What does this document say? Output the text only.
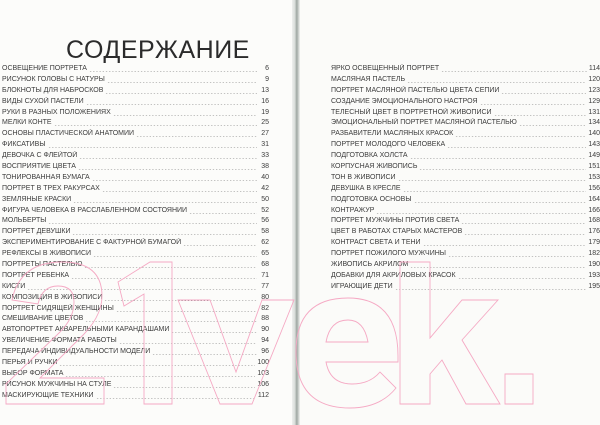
СОДЕРЖАНИЕ
ОСВЕЩЕНИЕ ПОРТРЕТА	6
РИСУНОК ГОЛОВЫ С НАТУРЫ	9
БЛОКНОТЫ ДЛЯ НАБРОСКОВ	13
ВИДЫ СУХОЙ ПАСТЕЛИ	16
РУКИ В РАЗНЫХ ПОЛОЖЕНИЯХ	19
МЕЛКИ КОНТЕ	25
ОСНОВЫ ПЛАСТИЧЕСКОЙ АНАТОМИИ	27
ФИКСАТИВЫ	31
ДЕВОЧКА С ФЛЕЙТОЙ	33
ВОСПРИЯТИЕ ЦВЕТА	38
ТОНИРОВАННАЯ БУМАГА	40
ПОРТРЕТ В ТРЕХ РАКУРСАХ	42
ЗЕМЛЯНЫЕ КРАСКИ	50
ФИГУРА ЧЕЛОВЕКА В РАССЛАБЛЕННОМ СОСТОЯНИИ	52
МОЛЬБЕРТЫ	56
ПОРТРЕТ ДЕВУШКИ	58
ЭКСПЕРИМЕНТИРОВАНИЕ С ФАКТУРНОЙ БУМАГОЙ	62
РЕФЛЕКСЫ В ЖИВОПИСИ	65
ПОРТРЕТЫ ПАСТЕЛЬЮ	68
ПОРТРЕТ РЕБЕНКА	71
КИСТИ	77
КОМПОЗИЦИЯ В ЖИВОПИСИ	80
ПОРТРЕТ СИДЯЩЕЙ ЖЕНЩИНЫ	82
СМЕШИВАНИЕ ЦВЕТОВ	88
АВТОПОРТРЕТ АКВАРЕЛЬНЫМИ КАРАНДАШАМИ	90
УВЕЛИЧЕНИЕ ФОРМАТА РАБОТЫ	94
ПЕРЕДАЧА ИНДИВИДУАЛЬНОСТИ МОДЕЛИ	96
ПЕРЬЯ И РУЧКИ	100
ВЫБОР ФОРМАТА	103
РИСУНОК МУЖЧИНЫ НА СТУЛЕ	106
МАСКИРУЮЩИЕ ТЕХНИКИ	112
ЯРКО ОСВЕЩЕННЫЙ ПОРТРЕТ	114
МАСЛЯНАЯ ПАСТЕЛЬ	120
ПОРТРЕТ МАСЛЯНОЙ ПАСТЕЛЬЮ ЦВЕТА СЕПИИ	123
СОЗДАНИЕ ЭМОЦИОНАЛЬНОГО НАСТРОЯ	129
ТЕЛЕСНЫЙ ЦВЕТ В ПОРТРЕТНОЙ ЖИВОПИСИ	131
ЭМОЦИОНАЛЬНЫЙ ПОРТРЕТ МАСЛЯНОЙ ПАСТЕЛЬЮ	134
РАЗБАВИТЕЛИ МАСЛЯНЫХ КРАСОК	140
ПОРТРЕТ МОЛОДОГО ЧЕЛОВЕКА	143
ПОДГОТОВКА ХОЛСТА	149
КОРПУСНАЯ ЖИВОПИСЬ	151
ТОН В ЖИВОПИСИ	153
ДЕВУШКА В КРЕСЛЕ	156
ПОДГОТОВКА ОСНОВЫ	164
КОНТРАЖУР	166
ПОРТРЕТ МУЖЧИНЫ ПРОТИВ СВЕТА	168
ЦВЕТ В РАБОТАХ СТАРЫХ МАСТЕРОВ	176
КОНТРАСТ СВЕТА И ТЕНИ	179
ПОРТРЕТ ПОЖИЛОГО МУЖЧИНЫ	182
ЖИВОПИСЬ АКРИЛОМ	190
ДОБАВКИ ДЛЯ АКРИЛОВЫХ КРАСОК	193
ИГРАЮЩИЕ ДЕТИ	195
